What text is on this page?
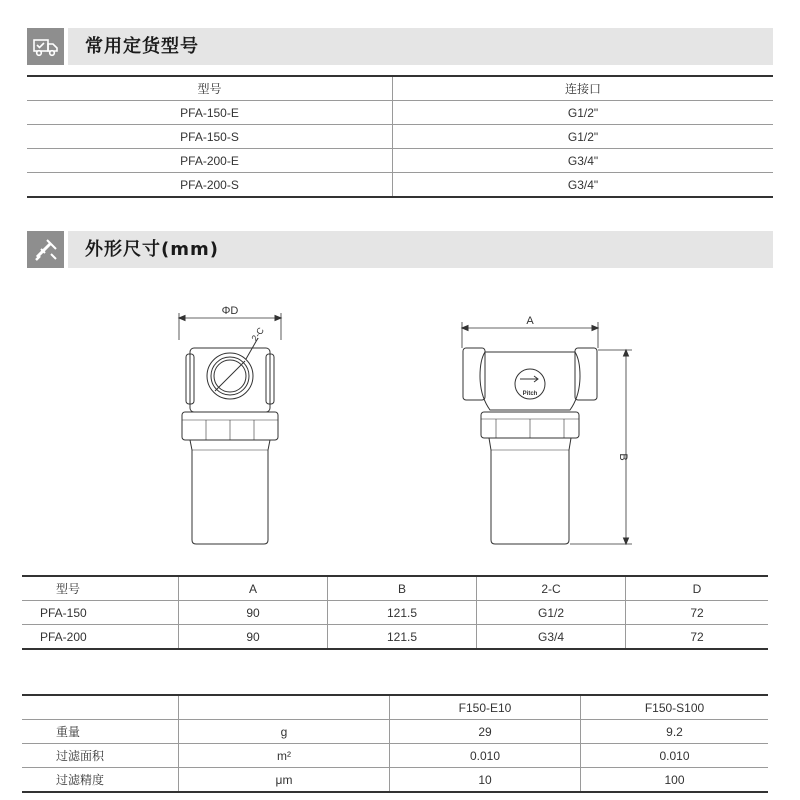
常用定货型号
型号	连接口
PFA-150-E	G1/2"
PFA-150-S	G1/2"
PFA-200-E	G3/4"
PFA-200-S	G3/4"
外形尺寸(mm)
ΦD
2-C
A
B
Pitch
型号	A	B	2-C	D
PFA-150	90	121.5	G1/2	72
PFA-200	90	121.5	G3/4	72
		F150-E10	F150-S100
重量	g	29	9.2
过滤面积	m²	0.010	0.010
过滤精度	μm	10	100
